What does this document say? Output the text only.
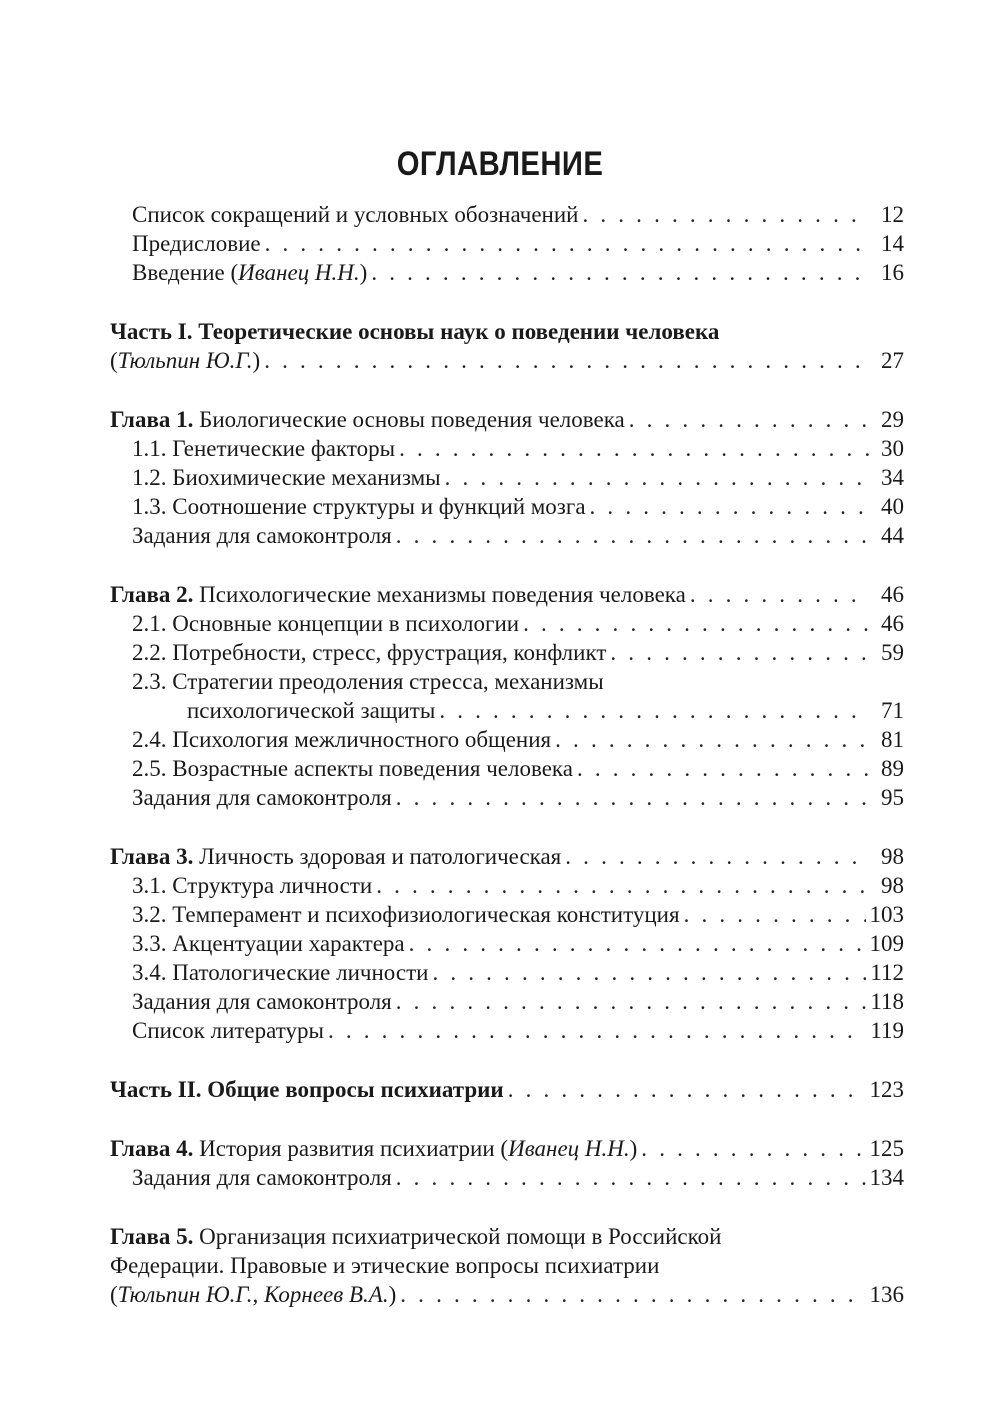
ОГЛАВЛЕНИЕ
Список сокращений и условных обозначений . . .	12
Предисловие . . .	14
Введение (Иванец Н.Н.) . . .	16
Часть I. Теоретические основы наук о поведении человека
(Тюльпин Ю.Г.) . . .	27
Глава 1. Биологические основы поведения человека . . .	29
1.1. Генетические факторы . . .	30
1.2. Биохимические механизмы . . .	34
1.3. Соотношение структуры и функций мозга . . .	40
Задания для самоконтроля . . .	44
Глава 2. Психологические механизмы поведения человека . . .	46
2.1. Основные концепции в психологии . . .	46
2.2. Потребности, стресс, фрустрация, конфликт . . .	59
2.3. Стратегии преодоления стресса, механизмы
психологической защиты . . .	71
2.4. Психология межличностного общения . . .	81
2.5. Возрастные аспекты поведения человека . . .	89
Задания для самоконтроля . . .	95
Глава 3. Личность здоровая и патологическая . . .	98
3.1. Структура личности . . .	98
3.2. Темперамент и психофизиологическая конституция . . .	103
3.3. Акцентуации характера . . .	109
3.4. Патологические личности . . .	112
Задания для самоконтроля . . .	118
Список литературы . . .	119
Часть II. Общие вопросы психиатрии . . .	123
Глава 4. История развития психиатрии (Иванец Н.Н.) . . .	125
Задания для самоконтроля . . .	134
Глава 5. Организация психиатрической помощи в Российской
Федерации. Правовые и этические вопросы психиатрии
(Тюльпин Ю.Г., Корнеев В.А.) . . .	136
